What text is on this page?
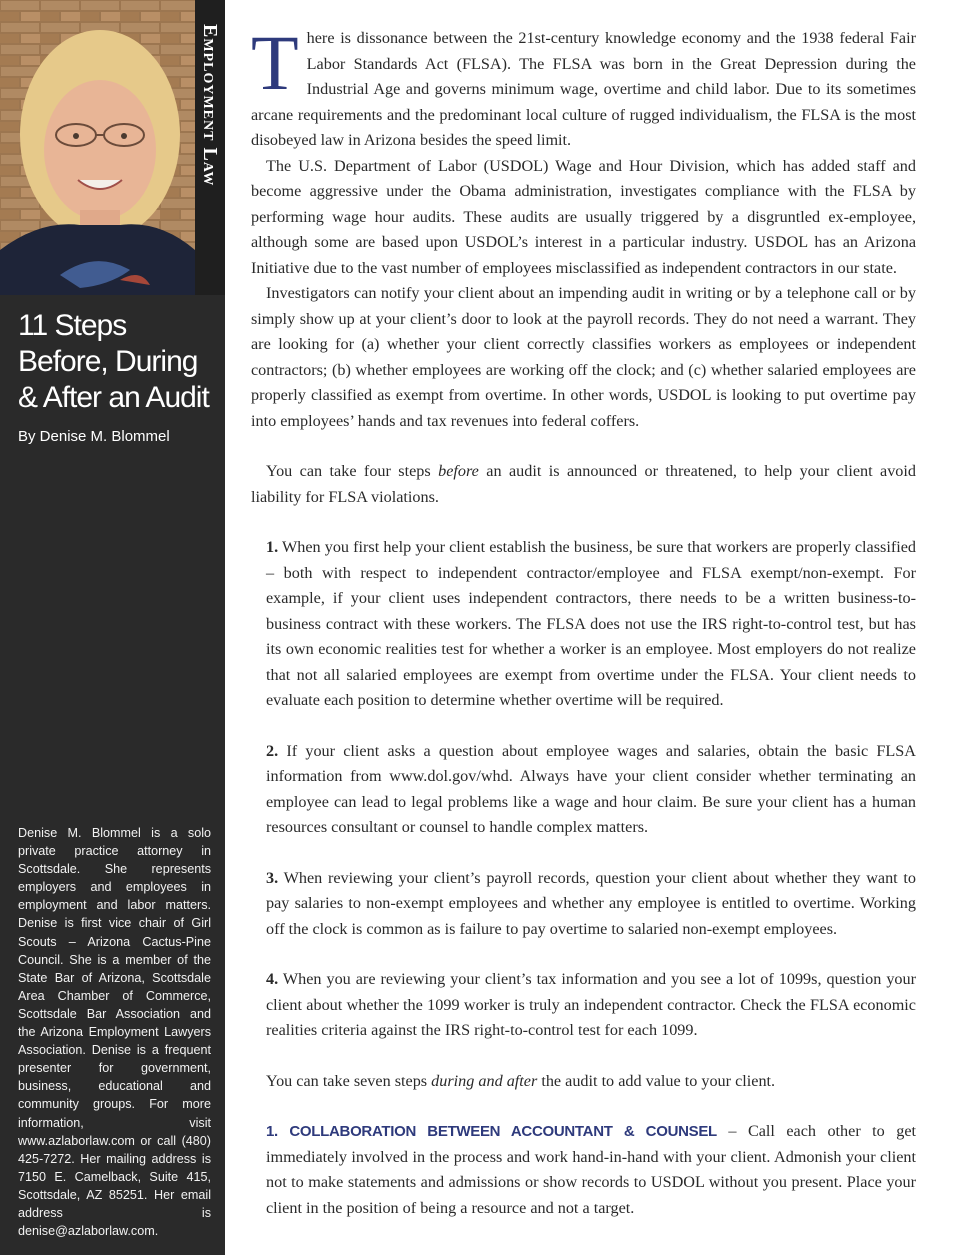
Employment Law
11 Steps Before, During & After an Audit
By Denise M. Blommel

Denise M. Blommel is a solo private practice attorney in Scottsdale. She represents employers and employees in employment and labor matters. Denise is first vice chair of Girl Scouts – Arizona Cactus-Pine Council. She is a member of the State Bar of Arizona, Scottsdale Area Chamber of Commerce, Scottsdale Bar Association and the Arizona Employment Lawyers Association. Denise is a frequent presenter for government, business, educational and community groups. For more information, visit www.azlaborlaw.com or call (480) 425-7272. Her mailing address is 7150 E. Camelback, Suite 415, Scottsdale, AZ 85251. Her email address is denise@azlaborlaw.com.

There is dissonance between the 21st-century knowledge economy and the 1938 federal Fair Labor Standards Act (FLSA). The FLSA was born in the Great Depression during the Industrial Age and governs minimum wage, overtime and child labor. Due to its sometimes arcane requirements and the predominant local culture of rugged individualism, the FLSA is the most disobeyed law in Arizona besides the speed limit.

The U.S. Department of Labor (USDOL) Wage and Hour Division, which has added staff and become aggressive under the Obama administration, investigates compliance with the FLSA by performing wage hour audits. These audits are usually triggered by a disgruntled ex-employee, although some are based upon USDOL’s interest in a particular industry. USDOL has an Arizona Initiative due to the vast number of employees misclassified as independent contractors in our state.

Investigators can notify your client about an impending audit in writing or by a telephone call or by simply show up at your client’s door to look at the payroll records. They do not need a warrant. They are looking for (a) whether your client correctly classifies workers as employees or independent contractors; (b) whether employees are working off the clock; and (c) whether salaried employees are properly classified as exempt from overtime. In other words, USDOL is looking to put overtime pay into employees’ hands and tax revenues into federal coffers.

You can take four steps before an audit is announced or threatened, to help your client avoid liability for FLSA violations.

1. When you first help your client establish the business, be sure that workers are properly classified – both with respect to independent contractor/employee and FLSA exempt/non-exempt. For example, if your client uses independent contractors, there needs to be a written business-to-business contract with these workers. The FLSA does not use the IRS right-to-control test, but has its own economic realities test for whether a worker is an employee. Most employers do not realize that not all salaried employees are exempt from overtime under the FLSA. Your client needs to evaluate each position to determine whether overtime will be required.

2. If your client asks a question about employee wages and salaries, obtain the basic FLSA information from www.dol.gov/whd. Always have your client consider whether terminating an employee can lead to legal problems like a wage and hour claim. Be sure your client has a human resources consultant or counsel to handle complex matters.

3. When reviewing your client’s payroll records, question your client about whether they want to pay salaries to non-exempt employees and whether any employee is entitled to overtime. Working off the clock is common as is failure to pay overtime to salaried non-exempt employees.

4. When you are reviewing your client’s tax information and you see a lot of 1099s, question your client about whether the 1099 worker is truly an independent contractor. Check the FLSA economic realities criteria against the IRS right-to-control test for each 1099.

You can take seven steps during and after the audit to add value to your client.

1. COLLABORATION BETWEEN ACCOUNTANT & COUNSEL – Call each other to get immediately involved in the process and work hand-in-hand with your client. Admonish your client not to make statements and admissions or show records to USDOL without you present. Place your client in the position of being a resource and not a target.
